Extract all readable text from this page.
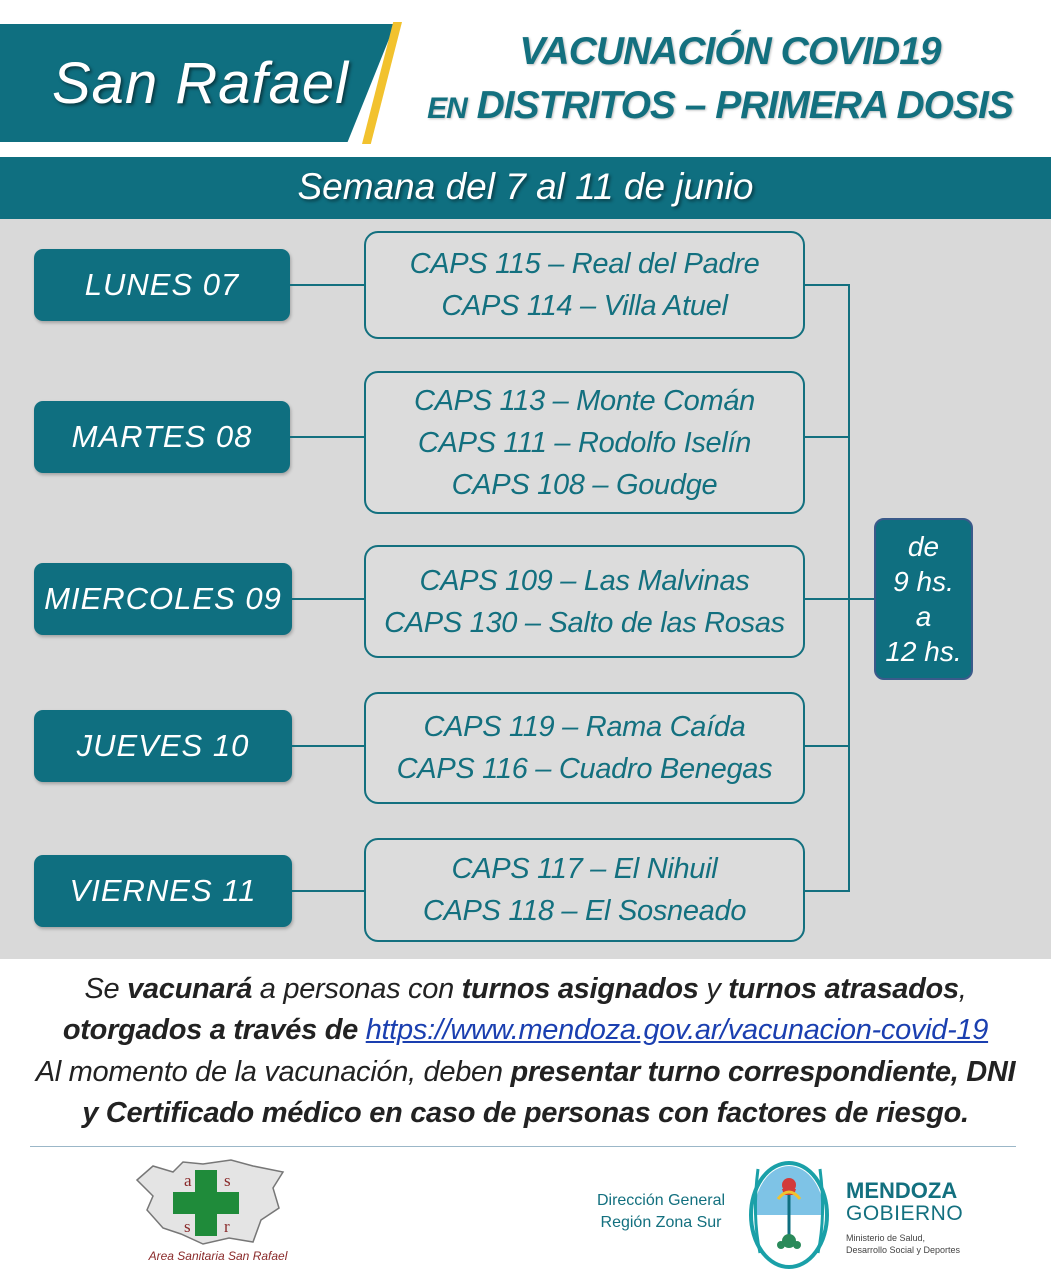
San Rafael	VACUNACIÓN COVID19
EN DISTRITOS – PRIMERA DOSIS
Semana del 7 al 11 de junio
LUNES 07
MARTES 08
MIERCOLES 09
JUEVES 10
VIERNES 11
CAPS 115 – Real del Padre
CAPS 114 – Villa Atuel
CAPS 113 – Monte Comán
CAPS 111 – Rodolfo Iselín
CAPS 108 – Goudge
CAPS 109 – Las Malvinas
CAPS 130 – Salto de las Rosas
CAPS 119 – Rama Caída
CAPS 116 – Cuadro Benegas
CAPS 117 – El Nihuil
CAPS 118 – El Sosneado
de
9 hs.
a
12 hs.
Se vacunará a personas con turnos asignados y turnos atrasados,
otorgados a través de https://www.mendoza.gov.ar/vacunacion-covid-19
Al momento de la vacunación, deben presentar turno correspondiente, DNI
y Certificado médico en caso de personas con factores de riesgo.
a s
s r
Area Sanitaria San Rafael
Dirección General
Región Zona Sur
MENDOZA
GOBIERNO
Ministerio de Salud,
Desarrollo Social y Deportes
